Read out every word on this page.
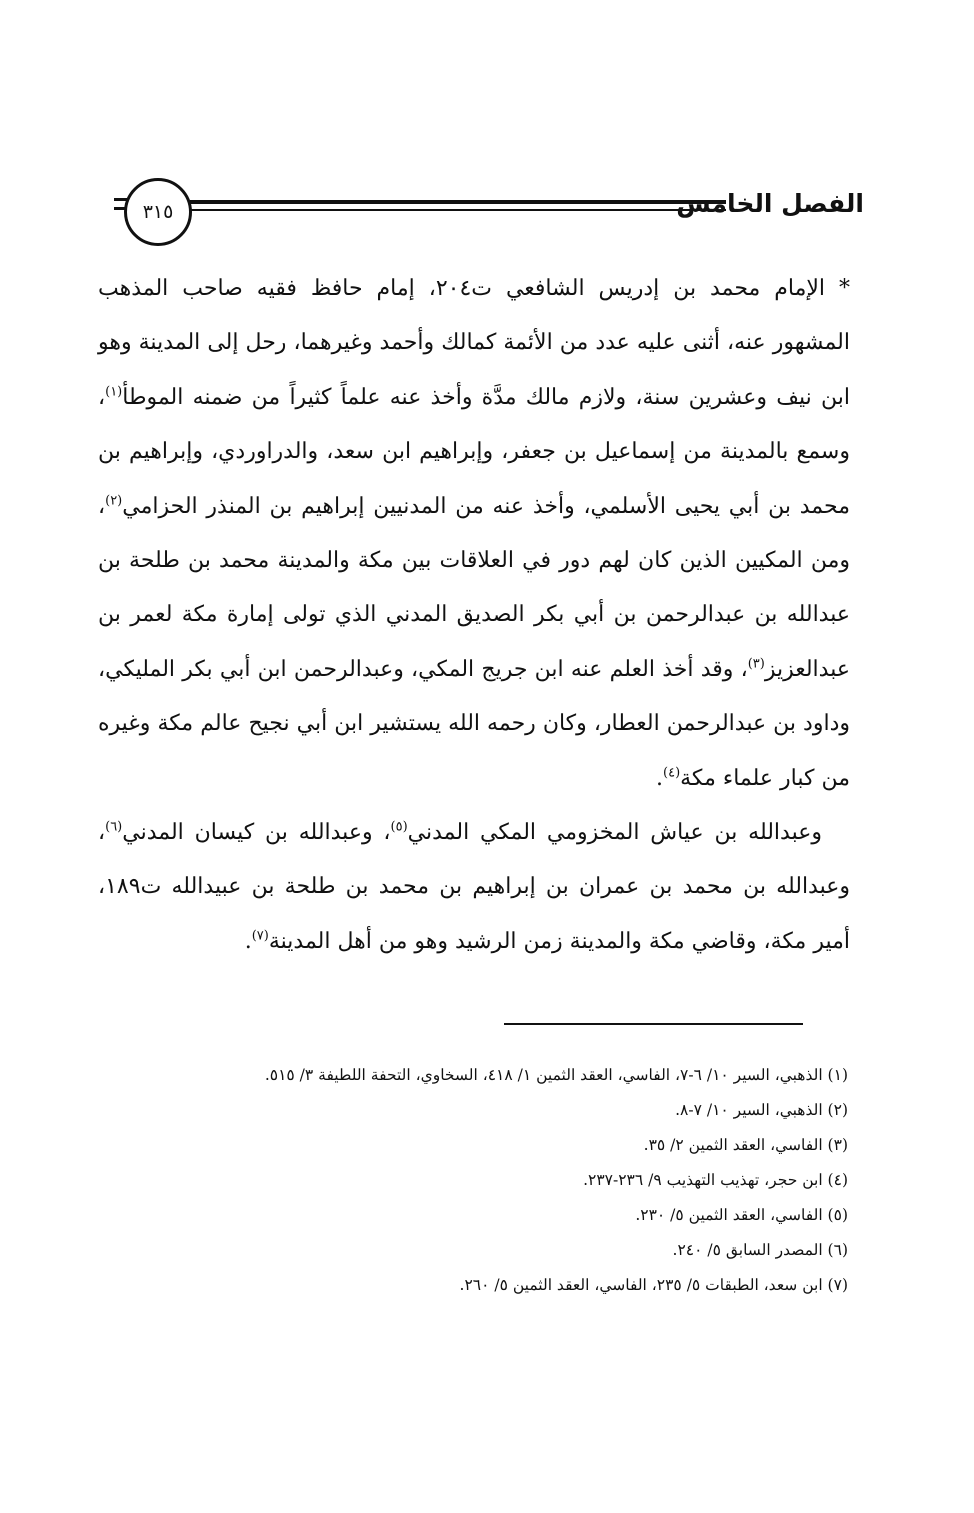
الفصل الخامس
٣١٥

* الإمام محمد بن إدريس الشافعي ت٢٠٤، إمام حافظ فقيه صاحب المذهب المشهور عنه، أثنى عليه عدد من الأئمة كمالك وأحمد وغيرهما، رحل إلى المدينة وهو ابن نيف وعشرين سنة، ولازم مالك مدَّة وأخذ عنه علماً كثيراً من ضمنه الموطأ$^{(١)}$، وسمع بالمدينة من إسماعيل بن جعفر، وإبراهيم ابن سعد، والدراوردي، وإبراهيم بن محمد بن أبي يحيى الأسلمي، وأخذ عنه من المدنيين إبراهيم بن المنذر الحزامي$^{(٢)}$، ومن المكيين الذين كان لهم دور في العلاقات بين مكة والمدينة محمد بن طلحة بن عبدالله بن عبدالرحمن بن أبي بكر الصديق المدني الذي تولى إمارة مكة لعمر بن عبدالعزيز$^{(٣)}$، وقد أخذ العلم عنه ابن جريج المكي، وعبدالرحمن ابن أبي بكر المليكي، وداود بن عبدالرحمن العطار، وكان رحمه الله يستشير ابن أبي نجيح عالم مكة وغيره من كبار علماء مكة$^{(٤)}$.

وعبدالله بن عياش المخزومي المكي المدني$^{(٥)}$، وعبدالله بن كيسان المدني$^{(٦)}$، وعبدالله بن محمد بن عمران بن إبراهيم بن محمد بن طلحة بن عبيدالله ت١٨٩، أمير مكة، وقاضي مكة والمدينة زمن الرشيد وهو من أهل المدينة$^{(٧)}$.

(١) الذهبي، السير ١٠/ ٦-٧، الفاسي، العقد الثمين ١/ ٤١٨، السخاوي، التحفة اللطيفة ٣/ ٥١٥.
(٢) الذهبي، السير ١٠/ ٧-٨.
(٣) الفاسي، العقد الثمين ٢/ ٣٥.
(٤) ابن حجر، تهذيب التهذيب ٩/ ٢٣٦-٢٣٧.
(٥) الفاسي، العقد الثمين ٥/ ٢٣٠.
(٦) المصدر السابق ٥/ ٢٤٠.
(٧) ابن سعد، الطبقات ٥/ ٢٣٥، الفاسي، العقد الثمين ٥/ ٢٦٠.
